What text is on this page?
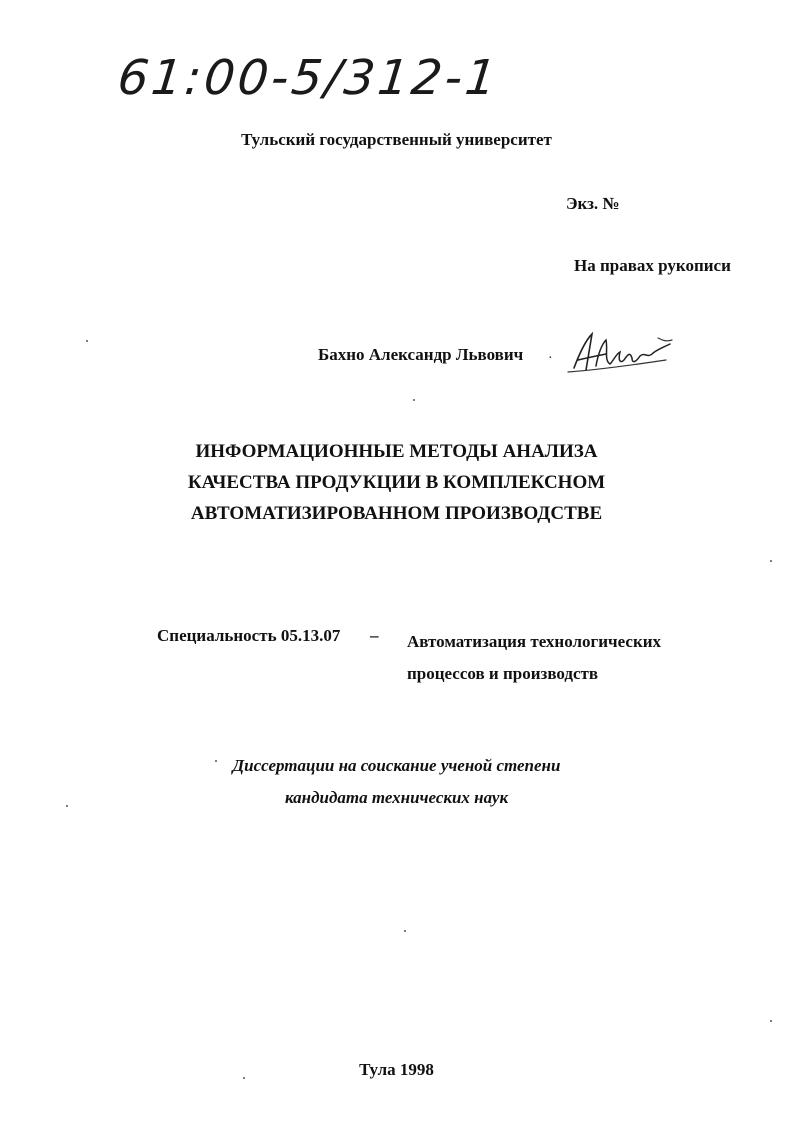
61:00-5/312-1
Тульский государственный университет
Экз. №
На правах рукописи
Бахно Александр Львович ·
ИНФОРМАЦИОННЫЕ МЕТОДЫ АНАЛИЗА
КАЧЕСТВА ПРОДУКЦИИ В КОМПЛЕКСНОМ
АВТОМАТИЗИРОВАННОМ ПРОИЗВОДСТВЕ
Специальность 05.13.07 – Автоматизация технологических
процессов и производств
Диссертации на соискание ученой степени
кандидата технических наук
Тула 1998
